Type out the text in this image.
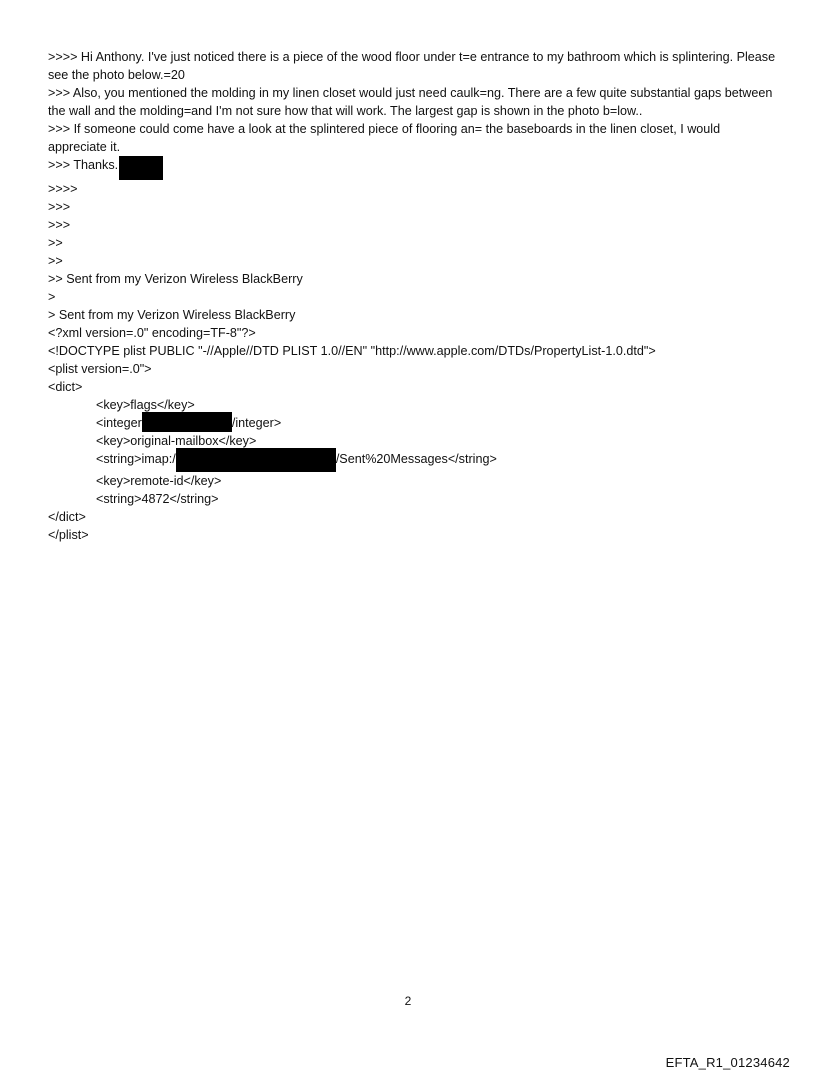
>>>> Hi Anthony. I've just noticed there is a piece of the wood floor under t=e entrance to my bathroom which is splintering. Please see the photo below.=20
>>> Also, you mentioned the molding in my linen closet would just need caulk=ng. There are a few quite substantial gaps between the wall and the molding=and I'm not sure how that will work. The largest gap is shown in the photo b=low..
>>> If someone could come have a look at the splintered piece of flooring an= the baseboards in the linen closet, I would appreciate it.
>>> Thanks.
>>>>
>>>
>>>
>>
>>
>> Sent from my Verizon Wireless BlackBerry
>
> Sent from my Verizon Wireless BlackBerry
<?xml version=.0" encoding=TF-8"?>
<!DOCTYPE plist PUBLIC "-//Apple//DTD PLIST 1.0//EN" "http://www.apple.com/DTDs/PropertyList-1.0.dtd">
<plist version=.0">
<dict>
<key>flags</key>
<integer	/integer>
<key>original-mailbox</key>
<string>imap:/	/Sent%20Messages</string>
<key>remote-id</key>
<string>4872</string>
</dict>
</plist>
2
EFTA_R1_01234642
